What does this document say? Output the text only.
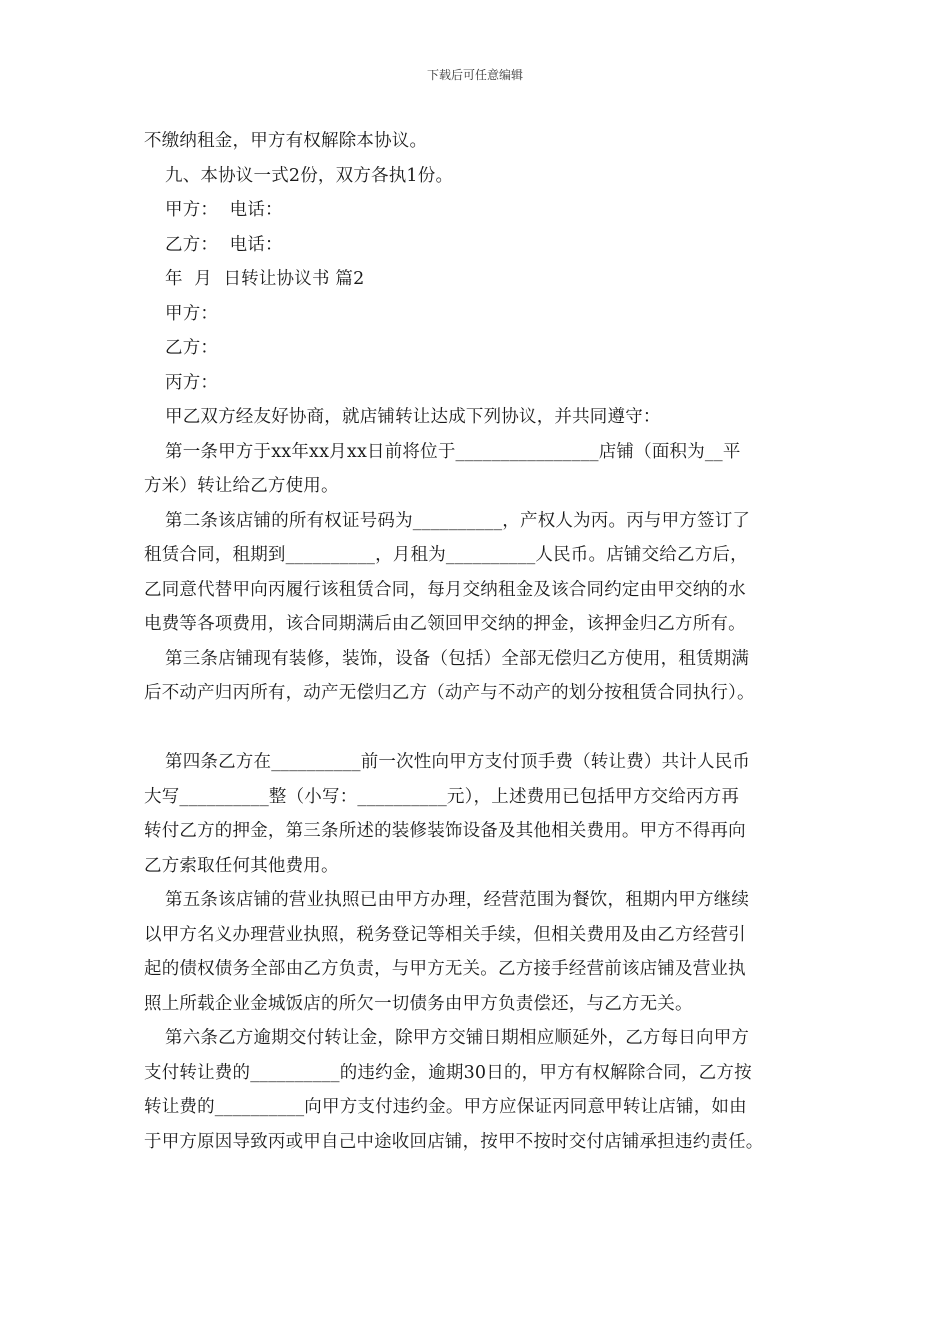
下载后可任意编辑
不缴纳租金，甲方有权解除本协议。
九、本协议一式2份，双方各执1份。
甲方：  电话：
乙方：  电话：
年  月  日转让协议书 篇2
甲方：
乙方：
丙方：
甲乙双方经友好协商，就店铺转让达成下列协议，并共同遵守：
第一条甲方于xx年xx月xx日前将位于________________店铺（面积为__平
方米）转让给乙方使用。
第二条该店铺的所有权证号码为__________，产权人为丙。丙与甲方签订了
租赁合同，租期到__________，月租为__________人民币。店铺交给乙方后，
乙同意代替甲向丙履行该租赁合同，每月交纳租金及该合同约定由甲交纳的水
电费等各项费用，该合同期满后由乙领回甲交纳的押金，该押金归乙方所有。
第三条店铺现有装修，装饰，设备（包括）全部无偿归乙方使用，租赁期满
后不动产归丙所有，动产无偿归乙方（动产与不动产的划分按租赁合同执行）。
第四条乙方在__________前一次性向甲方支付顶手费（转让费）共计人民币
大写__________整（小写：__________元），上述费用已包括甲方交给丙方再
转付乙方的押金，第三条所述的装修装饰设备及其他相关费用。甲方不得再向
乙方索取任何其他费用。
第五条该店铺的营业执照已由甲方办理，经营范围为餐饮，租期内甲方继续
以甲方名义办理营业执照，税务登记等相关手续，但相关费用及由乙方经营引
起的债权债务全部由乙方负责，与甲方无关。乙方接手经营前该店铺及营业执
照上所载企业金城饭店的所欠一切债务由甲方负责偿还，与乙方无关。
第六条乙方逾期交付转让金，除甲方交铺日期相应顺延外，乙方每日向甲方
支付转让费的__________的违约金，逾期30日的，甲方有权解除合同，乙方按
转让费的__________向甲方支付违约金。甲方应保证丙同意甲转让店铺，如由
于甲方原因导致丙或甲自己中途收回店铺，按甲不按时交付店铺承担违约责任。
